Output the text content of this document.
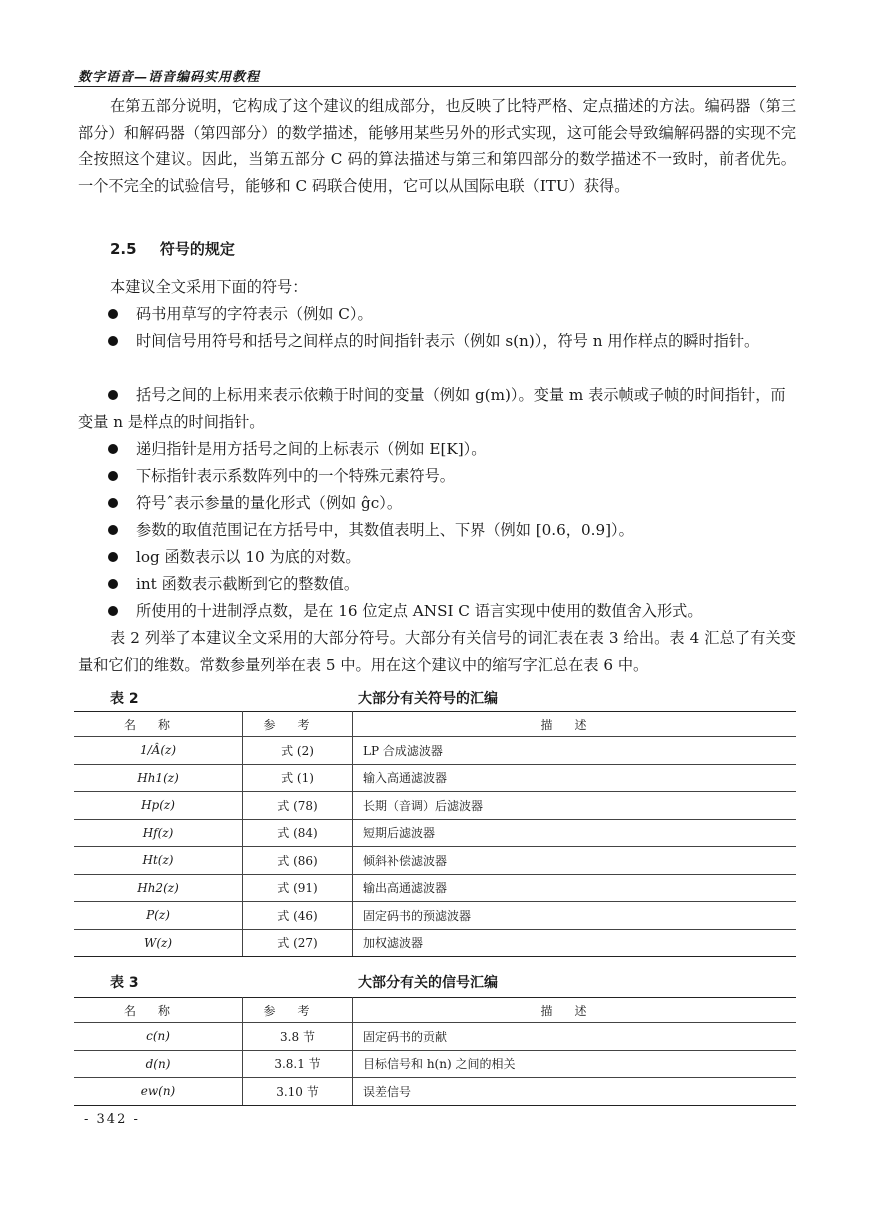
数字语音—语音编码实用教程

在第五部分说明，它构成了这个建议的组成部分，也反映了比特严格、定点描述的方法。编码器（第三部分）和解码器（第四部分）的数学描述，能够用某些另外的形式实现，这可能会导致编解码器的实现不完全按照这个建议。因此，当第五部分 C 码的算法描述与第三和第四部分的数学描述不一致时，前者优先。一个不完全的试验信号，能够和 C 码联合使用，它可以从国际电联（ITU）获得。

2.5 符号的规定

本建议全文采用下面的符号：

码书用草写的字符表示（例如 C）。
时间信号用符号和括号之间样点的时间指针表示（例如 s(n)），符号 n 用作样点的瞬时指针。
括号之间的上标用来表示依赖于时间的变量（例如 g(m)）。变量 m 表示帧或子帧的时间指针，而变量 n 是样点的时间指针。
递归指针是用方括号之间的上标表示（例如 E[K]）。
下标指针表示系数阵列中的一个特殊元素符号。
符号ˆ表示参量的量化形式（例如 ĝc）。
参数的取值范围记在方括号中，其数值表明上、下界（例如 [0.6，0.9]）。
log 函数表示以 10 为底的对数。
int 函数表示截断到它的整数值。
所使用的十进制浮点数，是在 16 位定点 ANSI C 语言实现中使用的数值舍入形式。

表 2 列举了本建议全文采用的大部分符号。大部分有关信号的词汇表在表 3 给出。表 4 汇总了有关变量和它们的维数。常数参量列举在表 5 中。用在这个建议中的缩写字汇总在表 6 中。

表 2	大部分有关符号的汇编
名称	参考	描述
1/Â(z)	式 (2)	LP 合成滤波器
Hh1(z)	式 (1)	输入高通滤波器
Hp(z)	式 (78)	长期（音调）后滤波器
Hf(z)	式 (84)	短期后滤波器
Ht(z)	式 (86)	倾斜补偿滤波器
Hh2(z)	式 (91)	输出高通滤波器
P(z)	式 (46)	固定码书的预滤波器
W(z)	式 (27)	加权滤波器
表 3	大部分有关的信号汇编
名称	参考	描述
c(n)	3.8 节	固定码书的贡献
d(n)	3.8.1 节	目标信号和 h(n) 之间的相关
ew(n)	3.10 节	误差信号
- 342 -
